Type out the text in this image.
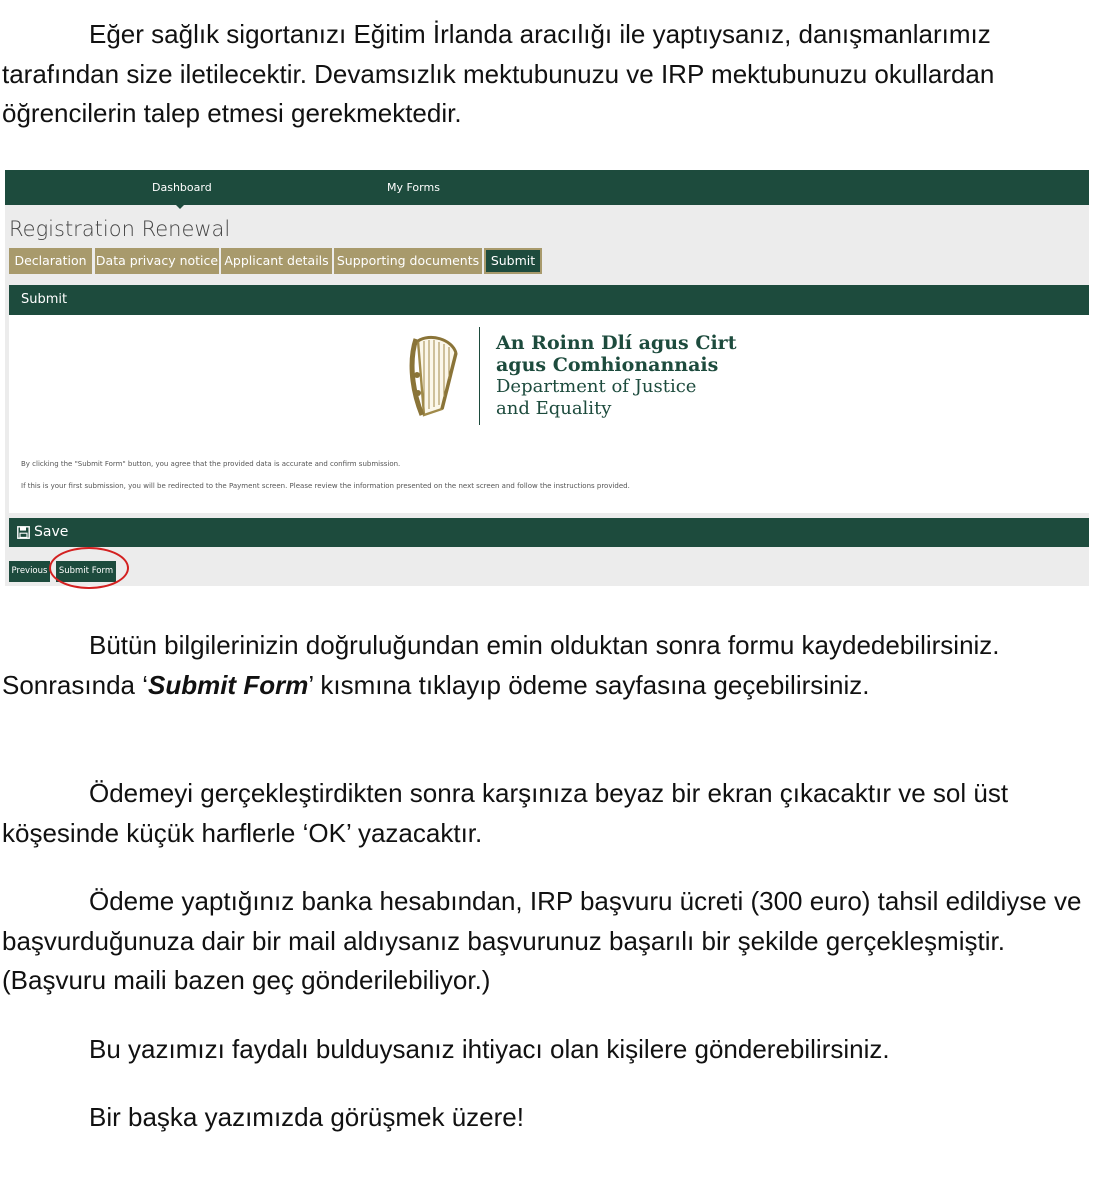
Eğer sağlık sigortanızı Eğitim İrlanda aracılığı ile yaptıysanız, danışmanlarımız tarafından size iletilecektir. Devamsızlık mektubunuzu ve IRP mektubunuzu okullardan öğrencilerin talep etmesi gerekmektedir.

Dashboard	My Forms
Registration Renewal
Declaration Data privacy notice Applicant details Supporting documents Submit
Submit
An Roinn Dlí agus Cirt
agus Comhionannais
Department of Justice
and Equality
By clicking the "Submit Form" button, you agree that the provided data is accurate and confirm submission.
If this is your first submission, you will be redirected to the Payment screen. Please review the information presented on the next screen and follow the instructions provided.
Save
Previous	Submit Form

Bütün bilgilerinizin doğruluğundan emin olduktan sonra formu kaydedebilirsiniz. Sonrasında ‘Submit Form’ kısmına tıklayıp ödeme sayfasına geçebilirsiniz.

Ödemeyi gerçekleştirdikten sonra karşınıza beyaz bir ekran çıkacaktır ve sol üst köşesinde küçük harflerle ‘OK’ yazacaktır.

Ödeme yaptığınız banka hesabından, IRP başvuru ücreti (300 euro) tahsil edildiyse ve başvurduğunuza dair bir mail aldıysanız başvurunuz başarılı bir şekilde gerçekleşmiştir. (Başvuru maili bazen geç gönderilebiliyor.)

Bu yazımızı faydalı bulduysanız ihtiyacı olan kişilere gönderebilirsiniz.

Bir başka yazımızda görüşmek üzere!
